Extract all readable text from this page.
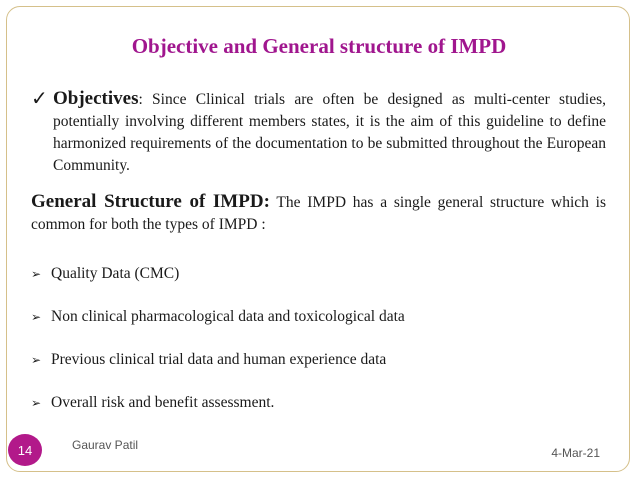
Objective and General structure of IMPD
✓ Objectives: Since Clinical trials are often be designed as multi-center studies, potentially involving different members states, it is the aim of this guideline to define harmonized requirements of the documentation to be submitted throughout the European Community.
General Structure of IMPD: The IMPD has a single general structure which is common for both the types of IMPD :
➢ Quality Data (CMC)
➢ Non clinical pharmacological data and toxicological data
➢ Previous clinical trial data and human experience data
➢ Overall risk and benefit assessment.
14	Gaurav Patil
4-Mar-21
